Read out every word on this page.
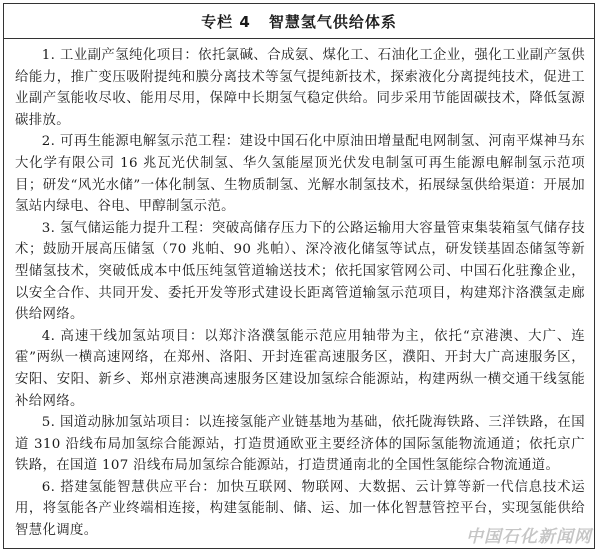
专栏 4 智慧氢气供给体系

1. 工业副产氢纯化项目：依托氯碱、合成氨、煤化工、石油化工企业，强化工业副产氢供给能力，推广变压吸附提纯和膜分离技术等氢气提纯新技术，探索液化分离提纯技术，促进工业副产氢能收尽收、能用尽用，保障中长期氢气稳定供给。同步采用节能固碳技术，降低氢源碳排放。

2. 可再生能源电解氢示范工程：建设中国石化中原油田增量配电网制氢、河南平煤神马东大化学有限公司 16 兆瓦光伏制氢、华久氢能屋顶光伏发电制氢可再生能源电解制氢示范项目；研发“风光水储”一体化制氢、生物质制氢、光解水制氢技术，拓展绿氢供给渠道：开展加氢站内绿电、谷电、甲醇制氢示范。

3. 氢气储运能力提升工程：突破高储存压力下的公路运输用大容量管束集装箱氢气储存技术；鼓励开展高压储氢（70 兆帕、90 兆帕）、深冷液化储氢等试点，研发镁基固态储氢等新型储氢技术，突破低成本中低压纯氢管道输送技术；依托国家管网公司、中国石化驻豫企业，以安全合作、共同开发、委托开发等形式建设长距离管道输氢示范项目，构建郑汴洛濮氢走廊供给网络。

4. 高速干线加氢站项目：以郑汴洛濮氢能示范应用轴带为主，依托“京港澳、大广、连霍”两纵一横高速网络，在郑州、洛阳、开封连霍高速服务区，濮阳、开封大广高速服务区，安阳、安阳、新乡、郑州京港澳高速服务区建设加氢综合能源站，构建两纵一横交通干线氢能补给网络。

5. 国道动脉加氢站项目：以连接氢能产业链基地为基础，依托陇海铁路、三洋铁路，在国道 310 沿线布局加氢综合能源站，打造贯通欧亚主要经济体的国际氢能物流通道；依托京广铁路，在国道 107 沿线布局加氢综合能源站，打造贯通南北的全国性氢能综合物流通道。

6. 搭建氢能智慧供应平台：加快互联网、物联网、大数据、云计算等新一代信息技术运用，将氢能各产业终端相连接，构建氢能制、储、运、加一体化智慧管控平台，实现氢能供给智慧化调度。	中国石化新闻网
